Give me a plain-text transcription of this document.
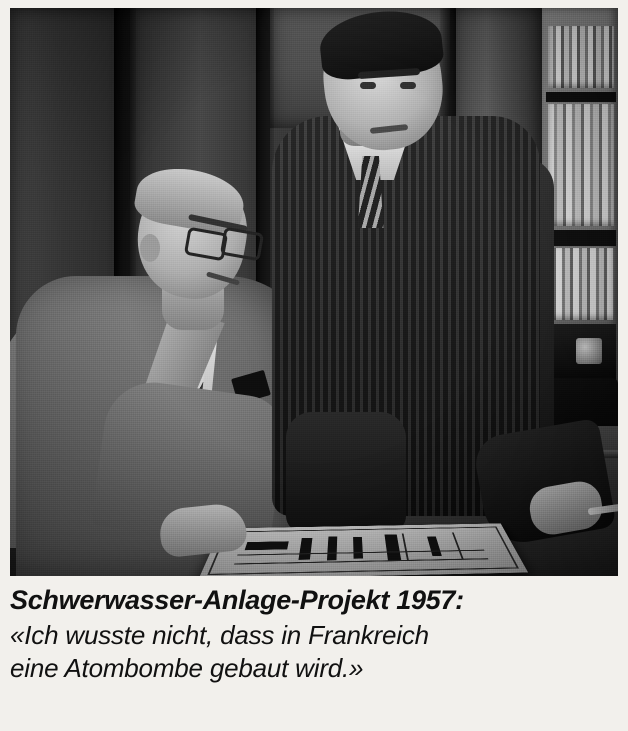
Schwerwasser-Anlage-Projekt 1957:
«Ich wusste nicht, dass in Frankreich
eine Atombombe gebaut wird.»
